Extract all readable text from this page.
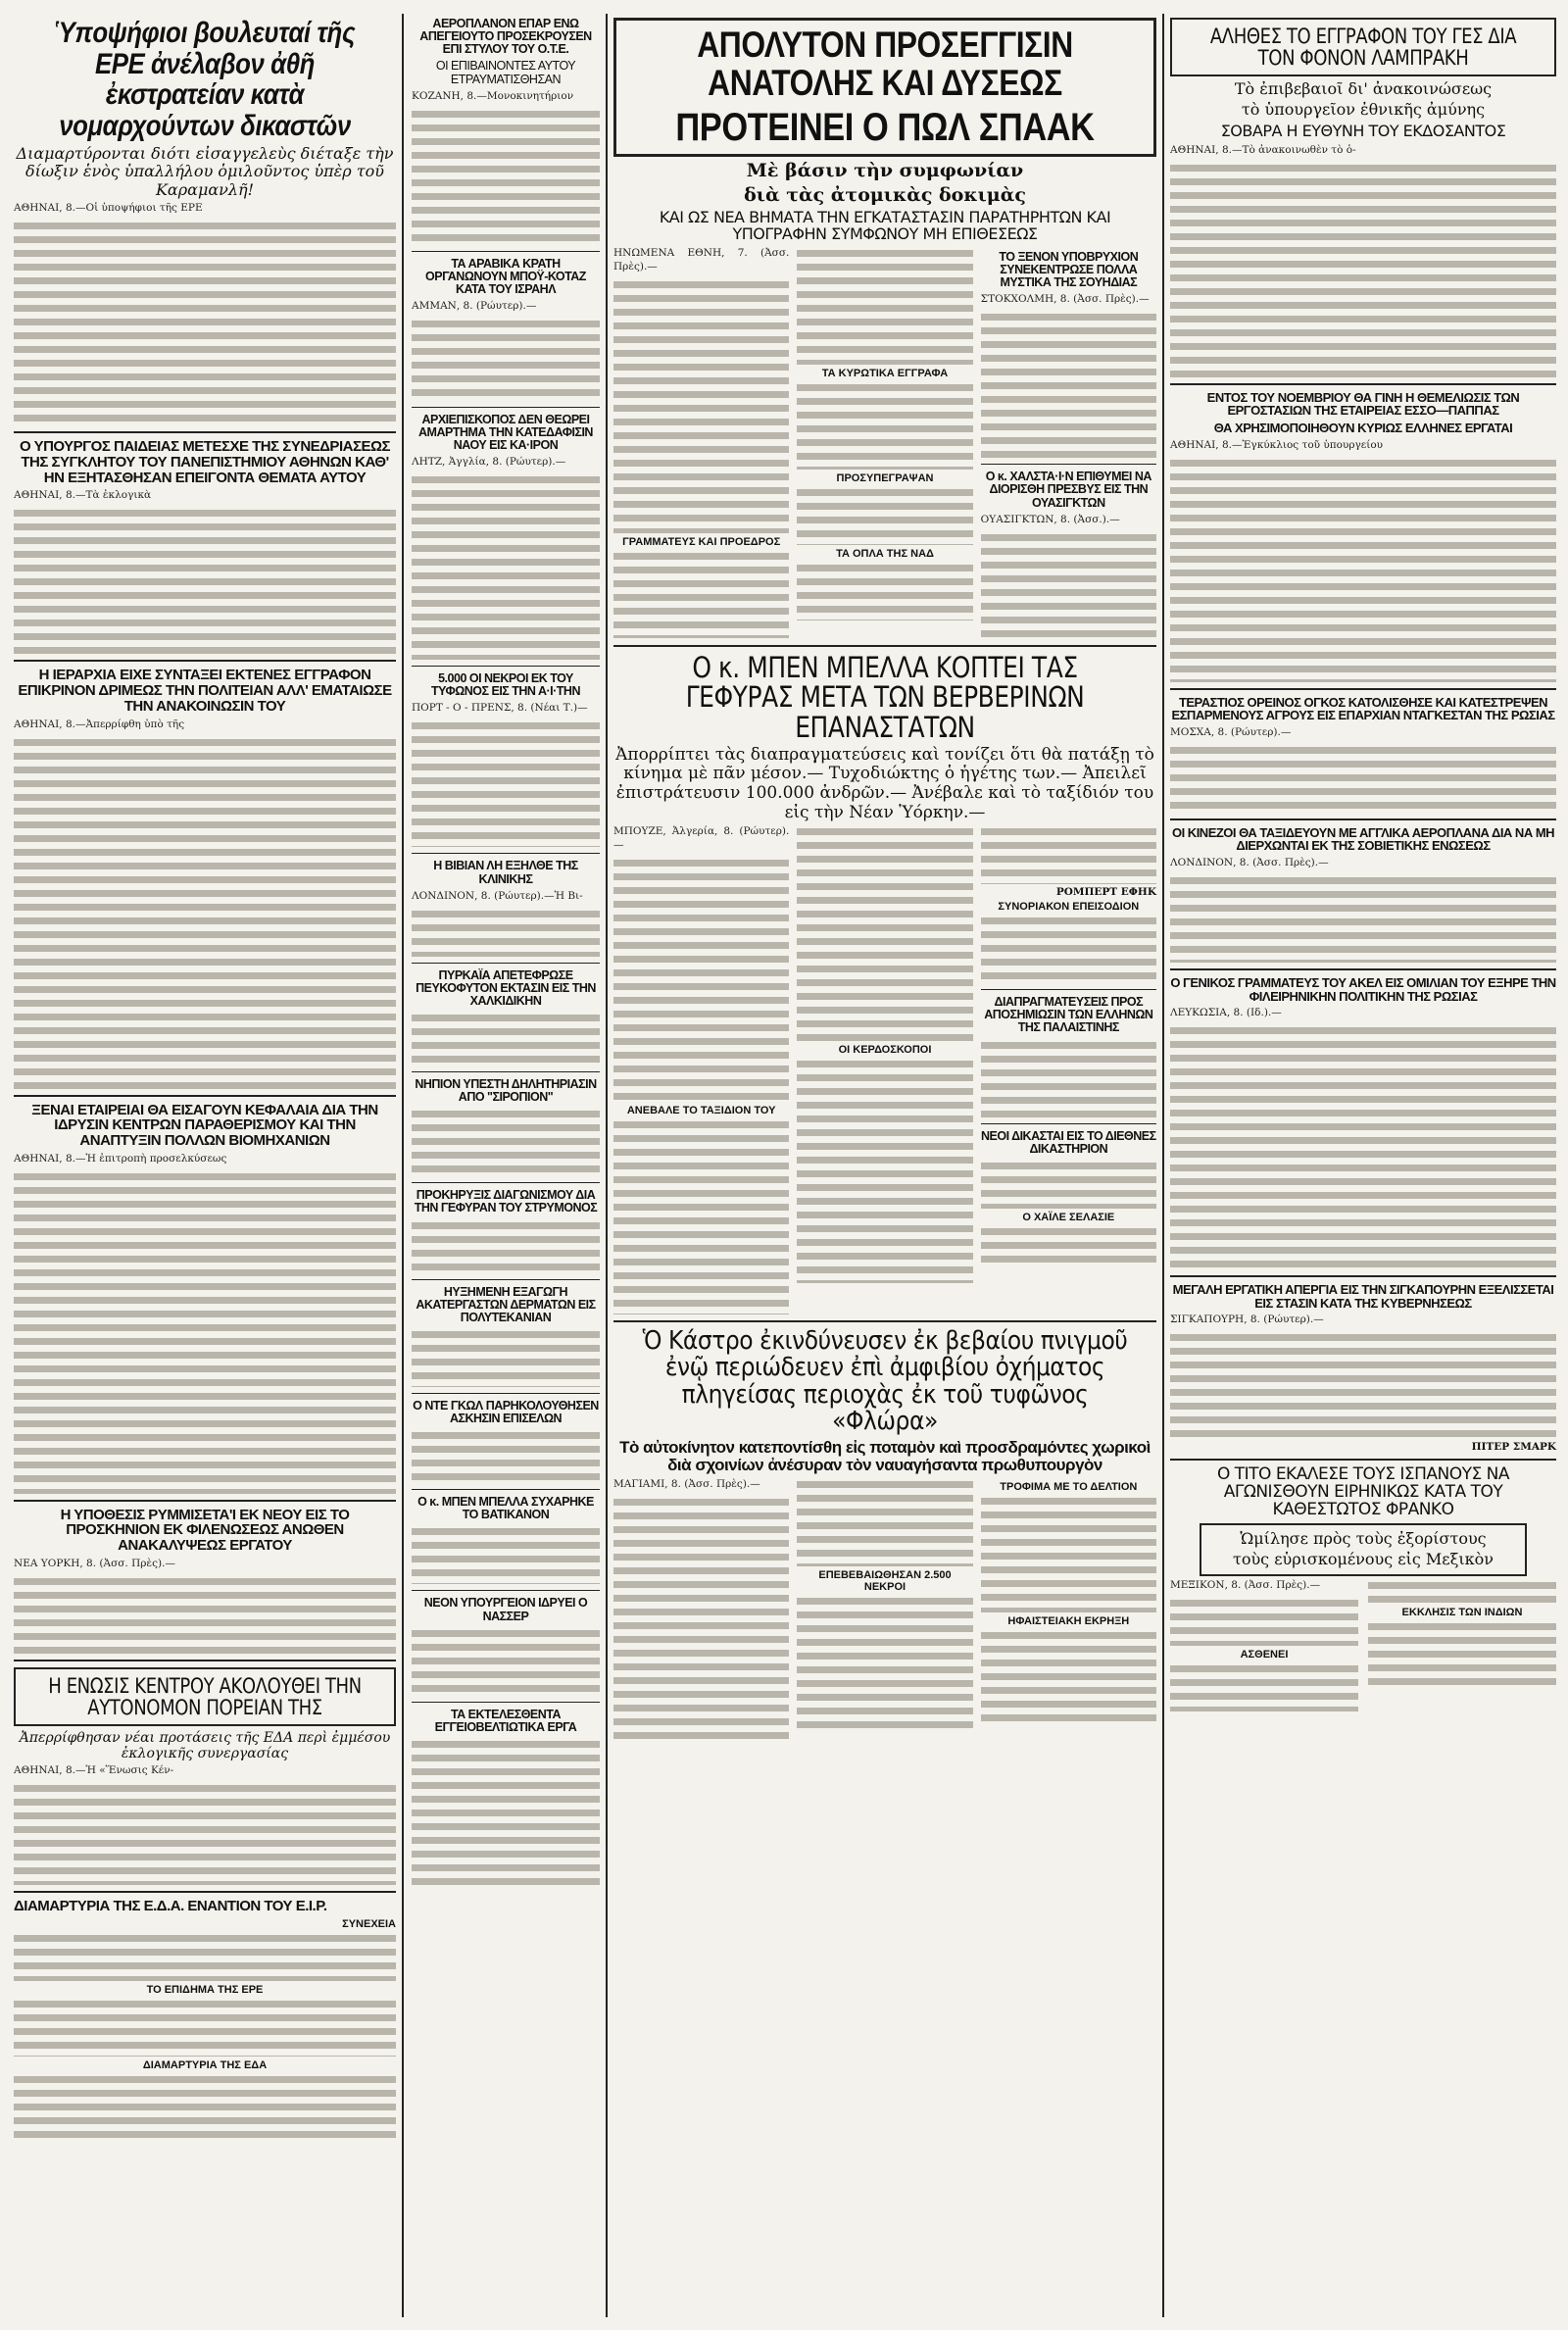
Ὑποψήφιοι βουλευταί τῆς ΕΡΕ ἀνέλαβον ἀθῆ ἐκστρατείαν κατὰ νομαρχούντων δικαστῶν
Διαμαρτύρονται διότι εἰσαγγελεὺς διέταξε τὴν δίωξιν ἑνὸς ὑπαλλήλου ὁμιλοῦντος ὑπὲρ τοῦ Καραμανλῆ!
ΑΘΗΝΑΙ, 8.—Οἱ ὑποψήφιοι τῆς ΕΡΕ
Ο ΥΠΟΥΡΓΟΣ ΠΑΙΔΕΙΑΣ ΜΕΤΕΣΧΕ ΤΗΣ ΣΥΝΕΔΡΙΑΣΕΩΣ ΤΗΣ ΣΥΓΚΛΗΤΟΥ ΤΟΥ ΠΑΝΕΠΙΣΤΗΜΙΟΥ ΑΘΗΝΩΝ ΚΑΘ' ΗΝ ΕΞΗΤΑΣΘΗΣΑΝ ΕΠΕΙΓΟΝΤΑ ΘΕΜΑΤΑ ΑΥΤΟΥ
ΑΘΗΝΑΙ, 8.—Τὰ ἐκλογικὰ
Η ΙΕΡΑΡΧΙΑ ΕΙΧΕ ΣΥΝΤΑΞΕΙ ΕΚΤΕΝΕΣ ΕΓΓΡΑΦΟΝ ΕΠΙΚΡΙΝΟΝ ΔΡΙΜΕΩΣ ΤΗΝ ΠΟΛΙΤΕΙΑΝ ΑΛΛ' ΕΜΑΤΑΙΩΣΕ ΤΗΝ ΑΝΑΚΟΙΝΩΣΙΝ ΤΟΥ
ΑΘΗΝΑΙ, 8.—Ἀπερρίφθη ὑπὸ τῆς
ΞΕΝΑΙ ΕΤΑΙΡΕΙΑΙ ΘΑ ΕΙΣΑΓΟΥΝ ΚΕΦΑΛΑΙΑ ΔΙΑ ΤΗΝ ΙΔΡΥΣΙΝ ΚΕΝΤΡΩΝ ΠΑΡΑΘΕΡΙΣΜΟΥ ΚΑΙ ΤΗΝ ΑΝΑΠΤΥΞΙΝ ΠΟΛΛΩΝ ΒΙΟΜΗΧΑΝΙΩΝ
ΑΘΗΝΑΙ, 8.—Ἡ ἐπιτροπὴ προσελκύσεως
Η ΥΠΟΘΕΣΙΣ ΡΥΜΜΙΣΕΤΑ'Ι ΕΚ ΝΕΟΥ ΕΙΣ ΤΟ ΠΡΟΣΚΗΝΙΟΝ ΕΚ ΦΙΛΕΝΩΣΕΩΣ ΑΝΩΘΕΝ ΑΝΑΚΑΛΥΨΕΩΣ ΕΡΓΑΤΟΥ
ΝΕΑ ΥΟΡΚΗ, 8. (Ἀσσ. Πρὲς).—
Η ΕΝΩΣΙΣ ΚΕΝΤΡΟΥ ΑΚΟΛΟΥΘΕΙ ΤΗΝ ΑΥΤΟΝΟΜΟΝ ΠΟΡΕΙΑΝ ΤΗΣ
Ἀπερρίφθησαν νέαι προτάσεις τῆς ΕΔΑ περὶ ἐμμέσου ἐκλογικῆς συνεργασίας
ΑΘΗΝΑΙ, 8.—Ἡ «Ἕνωσις Κέν-
ΔΙΑΜΑΡΤΥΡΙΑ ΤΗΣ Ε.Δ.Α. ΕΝΑΝΤΙΟΝ ΤΟΥ Ε.Ι.Ρ.
ΣΥΝΕΧΕΙΑ
ΤΟ ΕΠΙΔΗΜΑ ΤΗΣ ΕΡΕ
ΔΙΑΜΑΡΤΥΡΙΑ ΤΗΣ ΕΔΑ
ΑΕΡΟΠΛΑΝΟΝ ΕΠΑΡ ΕΝΩ ΑΠΕΓΕΙΟΥΤΟ ΠΡΟΣΕΚΡΟΥΣΕΝ ΕΠΙ ΣΤΥΛΟΥ ΤΟΥ Ο.Τ.Ε.
ΟΙ ΕΠΙΒΑΙΝΟΝΤΕΣ ΑΥΤΟΥ ΕΤΡΑΥΜΑΤΙΣΘΗΣΑΝ
ΚΟΖΑΝΗ, 8.—Μονοκινητήριον
ΤΑ ΑΡΑΒΙΚΑ ΚΡΑΤΗ ΟΡΓΑΝΩΝΟΥΝ ΜΠΟΫ-ΚΟΤΑΖ ΚΑΤΑ ΤΟΥ ΙΣΡΑΗΛ
ΑΜΜΑΝ, 8. (Ρώυτερ).—
ΑΡΧΙΕΠΙΣΚΟΠΟΣ ΔΕΝ ΘΕΩΡΕΙ ΑΜΑΡΤΗΜΑ ΤΗΝ ΚΑΤΕΔΑΦΙΣΙΝ ΝΑΟΥ ΕΙΣ ΚΑ·ΙΡΟΝ
ΛΗΤΖ, Ἀγγλία, 8. (Ρώυτερ).—
5.000 ΟΙ ΝΕΚΡΟΙ ΕΚ ΤΟΥ ΤΥΦΩΝΟΣ ΕΙΣ ΤΗΝ Α·Ι·ΤΗΝ
ΠΟΡΤ - Ο - ΠΡΕΝΣ, 8. (Νέαι Τ.)—
Η ΒΙΒΙΑΝ ΛΗ ΕΞΗΛΘΕ ΤΗΣ ΚΛΙΝΙΚΗΣ
ΛΟΝΔΙΝΟΝ, 8. (Ρώυτερ).—Ἡ Βι-
ΠΥΡΚΑΪΑ ΑΠΕΤΕΦΡΩΣΕ ΠΕΥΚΟΦΥΤΟΝ ΕΚΤΑΣΙΝ ΕΙΣ ΤΗΝ ΧΑΛΚΙΔΙΚΗΝ
ΝΗΠΙΟΝ ΥΠΕΣΤΗ ΔΗΛΗΤΗΡΙΑΣΙΝ ΑΠΟ "ΣΙΡΟΠΙΟΝ"
ΠΡΟΚΗΡΥΞΙΣ ΔΙΑΓΩΝΙΣΜΟΥ ΔΙΑ ΤΗΝ ΓΕΦΥΡΑΝ ΤΟΥ ΣΤΡΥΜΟΝΟΣ
ΗΥΞΗΜΕΝΗ ΕΞΑΓΩΓΗ ΑΚΑΤΕΡΓΑΣΤΩΝ ΔΕΡΜΑΤΩΝ ΕΙΣ ΠΟΛΥΤΕΚΑΝΙΑΝ
Ο ΝΤΕ ΓΚΩΛ ΠΑΡΗΚΟΛΟΥΘΗΣΕΝ ΑΣΚΗΣΙΝ ΕΠΙΣΕΛΩΝ
Ο κ. ΜΠΕΝ ΜΠΕΛΛΑ ΣΥΧΑΡΗΚΕ ΤΟ ΒΑΤΙΚΑΝΟΝ
ΝΕΟΝ ΥΠΟΥΡΓΕΙΟΝ ΙΔΡΥΕΙ Ο ΝΑΣΣΕΡ
ΤΑ ΕΚΤΕΛΕΣΘΕΝΤΑ ΕΓΓΕΙΟΒΕΛΤΙΩΤΙΚΑ ΕΡΓΑ
ΑΠΟΛΥΤΟΝ ΠΡΟΣΕΓΓΙΣΙΝ ΑΝΑΤΟΛΗΣ ΚΑΙ ΔΥΣΕΩΣ
ΠΡΟΤΕΙΝΕΙ Ο ΠΩΛ ΣΠΑΑΚ
Μὲ βάσιν τὴν συμφωνίαν
διὰ τὰς ἀτομικὰς δοκιμὰς
ΚΑΙ ΩΣ ΝΕΑ ΒΗΜΑΤΑ ΤΗΝ ΕΓΚΑΤΑΣΤΑΣΙΝ ΠΑΡΑΤΗΡΗΤΩΝ ΚΑΙ ΥΠΟΓΡΑΦΗΝ ΣΥΜΦΩΝΟΥ ΜΗ ΕΠΙΘΕΣΕΩΣ
ΗΝΩΜΕΝΑ ΕΘΝΗ, 7. (Ἀσσ. Πρὲς).—
ΓΡΑΜΜΑΤΕΥΣ ΚΑΙ ΠΡΟΕΔΡΟΣ
ΤΑ ΚΥΡΩΤΙΚΑ ΕΓΓΡΑΦΑ
ΠΡΟΣΥΠΕΓΡΑΨΑΝ
ΤΑ ΟΠΛΑ ΤΗΣ ΝΑΔ
ΤΟ ΞΕΝΟΝ ΥΠΟΒΡΥΧΙΟΝ ΣΥΝΕΚΕΝΤΡΩΣΕ ΠΟΛΛΑ ΜΥΣΤΙΚΑ ΤΗΣ ΣΟΥΗΔΙΑΣ
ΣΤΟΚΧΟΛΜΗ, 8. (Ἀσσ. Πρὲς).—
Ο κ. ΧΑΛΣΤΑ·Ι·Ν ΕΠΙΘΥΜΕΙ ΝΑ ΔΙΟΡΙΣΘΗ ΠΡΕΣΒΥΣ ΕΙΣ ΤΗΝ ΟΥΑΣΙΓΚΤΩΝ
ΟΥΑΣΙΓΚΤΩΝ, 8. (Ἀσσ.).—
Ο κ. ΜΠΕΝ ΜΠΕΛΛΑ ΚΟΠΤΕΙ ΤΑΣ ΓΕΦΥΡΑΣ ΜΕΤΑ ΤΩΝ ΒΕΡΒΕΡΙΝΩΝ ΕΠΑΝΑΣΤΑΤΩΝ
Ἀπορρίπτει τὰς διαπραγματεύσεις καὶ τονίζει ὅτι θὰ πατάξῃ τὸ κίνημα μὲ πᾶν μέσον.— Τυχοδιώκτης ὁ ἡγέτης των.— Ἀπειλεῖ ἐπιστράτευσιν 100.000 ἀνδρῶν.— Ἀνέβαλε καὶ τὸ ταξίδιόν του εἰς τὴν Νέαν Ὑόρκην.—
ΜΠΟΥΖΕ, Ἀλγερία, 8. (Ρώυτερ).—
ΑΝΕΒΑΛΕ ΤΟ ΤΑΞΙΔΙΟΝ ΤΟΥ
ΟΙ ΚΕΡΔΟΣΚΟΠΟΙ
ΡΟΜΠΕΡΤ ΕΦΗΚ
ΣΥΝΟΡΙΑΚΟΝ ΕΠΕΙΣΟΔΙΟΝ
ΔΙΑΠΡΑΓΜΑΤΕΥΣΕΙΣ ΠΡΟΣ ΑΠΟΣΗΜΙΩΣΙΝ ΤΩΝ ΕΛΛΗΝΩΝ ΤΗΣ ΠΑΛΑΙΣΤΙΝΗΣ
ΝΕΟΙ ΔΙΚΑΣΤΑΙ ΕΙΣ ΤΟ ΔΙΕΘΝΕΣ ΔΙΚΑΣΤΗΡΙΟΝ
Ο ΧΑΪΛΕ ΣΕΛΑΣΙΕ
Ὁ Κάστρο ἐκινδύνευσεν ἐκ βεβαίου πνιγμοῦ ἐνῷ περιώδευεν ἐπὶ ἀμφιβίου ὀχήματος πληγείσας περιοχὰς ἐκ τοῦ τυφῶνος «Φλώρα»
Τὸ αὐτοκίνητον κατεποντίσθη εἰς ποταμὸν καὶ προσδραμόντες χωρικοὶ διὰ σχοινίων ἀνέσυραν τὸν ναυαγήσαντα πρωθυπουργὸν
ΜΑΓΙΑΜΙ, 8. (Ἀσσ. Πρὲς).—
ΕΠΕΒΕΒΑΙΩΘΗΣΑΝ 2.500 ΝΕΚΡΟΙ
ΤΡΟΦΙΜΑ ΜΕ ΤΟ ΔΕΛΤΙΟΝ
ΗΦΑΙΣΤΕΙΑΚΗ ΕΚΡΗΞΗ
ΑΛΗΘΕΣ ΤΟ ΕΓΓΡΑΦΟΝ ΤΟΥ ΓΕΣ ΔΙΑ ΤΟΝ ΦΟΝΟΝ ΛΑΜΠΡΑΚΗ
Τὸ ἐπιβεβαιοῖ δι' ἀνακοινώσεως
τὸ ὑπουργεῖον ἐθνικῆς ἀμύνης
ΣΟΒΑΡΑ Η ΕΥΘΥΝΗ ΤΟΥ ΕΚΔΟΣΑΝΤΟΣ
ΑΘΗΝΑΙ, 8.—Τὸ ἀνακοινωθὲν τὸ ὁ-
ΕΝΤΟΣ ΤΟΥ ΝΟΕΜΒΡΙΟΥ ΘΑ ΓΙΝΗ Η ΘΕΜΕΛΙΩΣΙΣ ΤΩΝ ΕΡΓΟΣΤΑΣΙΩΝ ΤΗΣ ΕΤΑΙΡΕΙΑΣ ΕΣΣΟ—ΠΑΠΠΑΣ
ΘΑ ΧΡΗΣΙΜΟΠΟΙΗΘΟΥΝ ΚΥΡΙΩΣ ΕΛΛΗΝΕΣ ΕΡΓΑΤΑΙ
ΑΘΗΝΑΙ, 8.—Ἐγκύκλιος τοῦ ὑπουργείου
ΤΕΡΑΣΤΙΟΣ ΟΡΕΙΝΟΣ ΟΓΚΟΣ ΚΑΤΟΛΙΣΘΗΣΕ ΚΑΙ ΚΑΤΕΣΤΡΕΨΕΝ ΕΣΠΑΡΜΕΝΟΥΣ ΑΓΡΟΥΣ ΕΙΣ ΕΠΑΡΧΙΑΝ ΝΤΑΓΚΕΣΤΑΝ ΤΗΣ ΡΩΣΙΑΣ
ΜΟΣΧΑ, 8. (Ρώυτερ).—
ΟΙ ΚΙΝΕΖΟΙ ΘΑ ΤΑΞΙΔΕΥΟΥΝ ΜΕ ΑΓΓΛΙΚΑ ΑΕΡΟΠΛΑΝΑ ΔΙΑ ΝΑ ΜΗ ΔΙΕΡΧΩΝΤΑΙ ΕΚ ΤΗΣ ΣΟΒΙΕΤΙΚΗΣ ΕΝΩΣΕΩΣ
ΛΟΝΔΙΝΟΝ, 8. (Ἀσσ. Πρὲς).—
Ο ΓΕΝΙΚΟΣ ΓΡΑΜΜΑΤΕΥΣ ΤΟΥ ΑΚΕΛ ΕΙΣ ΟΜΙΛΙΑΝ ΤΟΥ ΕΞΗΡΕ ΤΗΝ ΦΙΛΕΙΡΗΝΙΚΗΝ ΠΟΛΙΤΙΚΗΝ ΤΗΣ ΡΩΣΙΑΣ
ΛΕΥΚΩΣΙΑ, 8. (Ιδ.).—
ΜΕΓΑΛΗ ΕΡΓΑΤΙΚΗ ΑΠΕΡΓΙΑ ΕΙΣ ΤΗΝ ΣΙΓΚΑΠΟΥΡΗΝ ΕΞΕΛΙΣΣΕΤΑΙ ΕΙΣ ΣΤΑΣΙΝ ΚΑΤΑ ΤΗΣ ΚΥΒΕΡΝΗΣΕΩΣ
ΣΙΓΚΑΠΟΥΡΗ, 8. (Ρώυτερ).—
ΠΙΤΕΡ ΣΜΑΡΚ
Ο ΤΙΤΟ ΕΚΑΛΕΣΕ ΤΟΥΣ ΙΣΠΑΝΟΥΣ ΝΑ ΑΓΩΝΙΣΘΟΥΝ ΕΙΡΗΝΙΚΩΣ ΚΑΤΑ ΤΟΥ ΚΑΘΕΣΤΩΤΟΣ ΦΡΑΝΚΟ
Ὡμίλησε πρὸς τοὺς ἐξορίστους
τοὺς εὑρισκομένους εἰς Μεξικὸν
ΜΕΞΙΚΟΝ, 8. (Ἀσσ. Πρὲς).—
ΑΣΘΕΝΕΙ
ΕΚΚΛΗΣΙΣ ΤΩΝ ΙΝΔΙΩΝ
